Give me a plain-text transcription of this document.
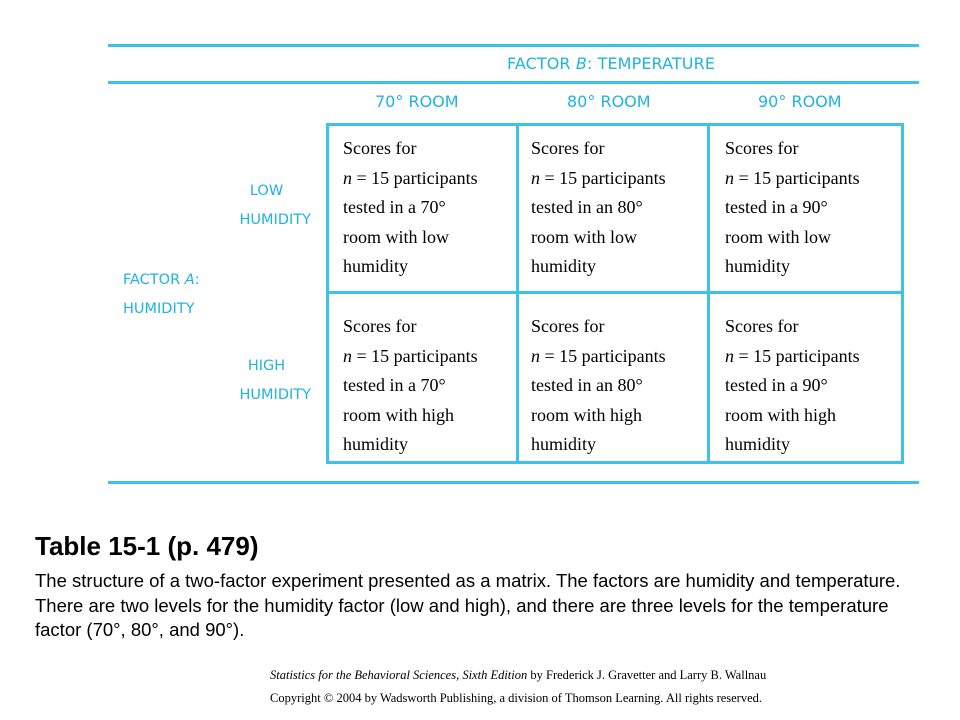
FACTOR B: TEMPERATURE
70° ROOM	80° ROOM	90° ROOM
LOW
HUMIDITY
FACTOR A:
HUMIDITY
HIGH
HUMIDITY
Scores for
n = 15 participants
tested in a 70°
room with low
humidity
Scores for
n = 15 participants
tested in an 80°
room with low
humidity
Scores for
n = 15 participants
tested in a 90°
room with low
humidity
Scores for
n = 15 participants
tested in a 70°
room with high
humidity
Scores for
n = 15 participants
tested in an 80°
room with high
humidity
Scores for
n = 15 participants
tested in a 90°
room with high
humidity
Table 15-1 (p. 479)
The structure of a two-factor experiment presented as a matrix. The factors are humidity and temperature. There are two levels for the humidity factor (low and high), and there are three levels for the temperature factor (70°, 80°, and 90°).
Statistics for the Behavioral Sciences, Sixth Edition by Frederick J. Gravetter and Larry B. Wallnau
Copyright © 2004 by Wadsworth Publishing, a division of Thomson Learning. All rights reserved.
